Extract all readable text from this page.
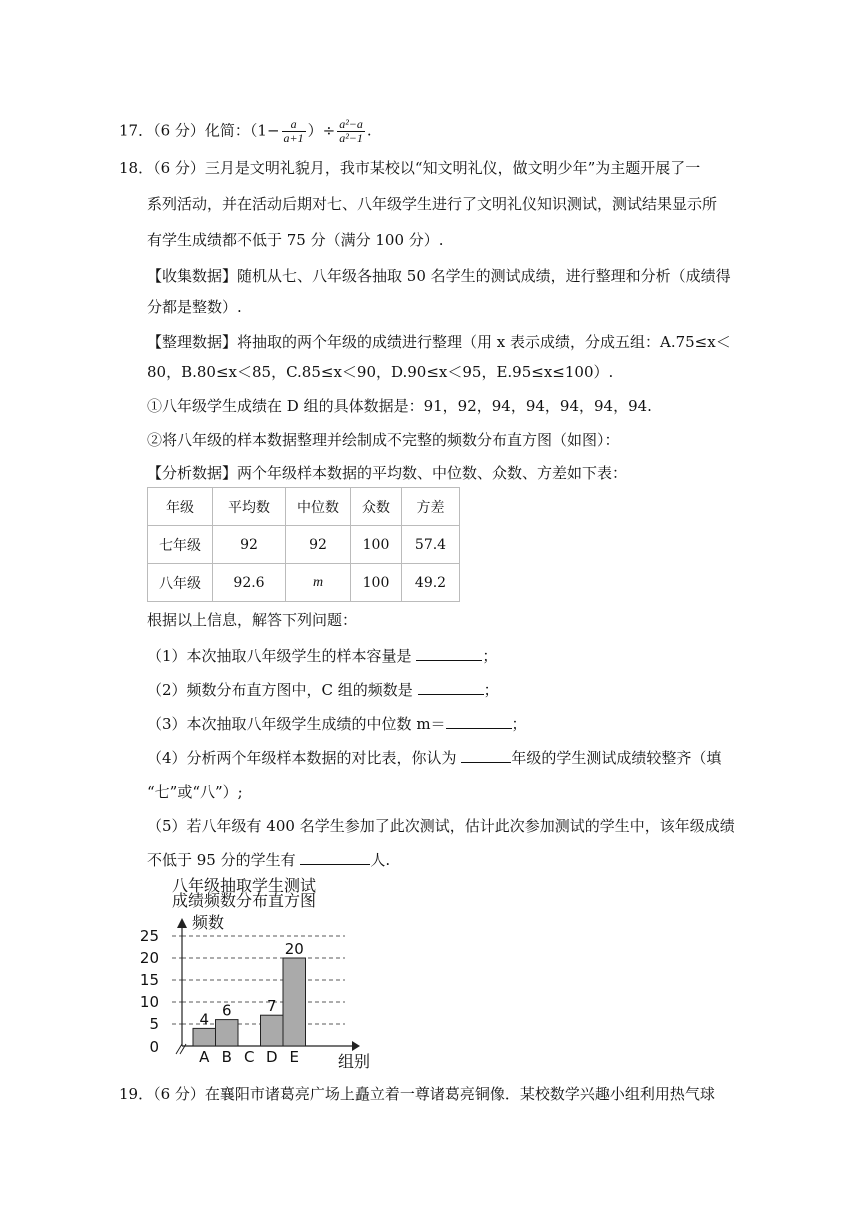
17．（6 分）化简：（$1- \frac{a}{a+1}$ ）÷ $\frac{\text{a²−a}}{\text{a²−1}}$ .
18．（6 分）三月是文明礼貌月，我市某校以“知文明礼仪，做文明少年”为主题开展了一
系列活动，并在活动后期对七、八年级学生进行了文明礼仪知识测试，测试结果显示所
有学生成绩都不低于 75 分（满分 100 分）.
【收集数据】随机从七、八年级各抽取 50 名学生的测试成绩，进行整理和分析（成绩得
分都是整数）.
【整理数据】将抽取的两个年级的成绩进行整理（用 x 表示成绩，分成五组：A.75≤x＜
80，B.80≤x＜85，C.85≤x＜90，D.90≤x＜95，E.95≤x≤100）.
①八年级学生成绩在 D 组的具体数据是：91，92，94，94，94，94，94.
②将八年级的样本数据整理并绘制成不完整的频数分布直方图（如图）：
【分析数据】两个年级样本数据的平均数、中位数、众数、方差如下表：
年级	平均数	中位数	众数	方差
七年级	92	92	100	57.4
八年级	92.6	m	100	49.2
根据以上信息，解答下列问题：
（1）本次抽取八年级学生的样本容量是	；
（2）频数分布直方图中，C 组的频数是	；
（3）本次抽取八年级学生成绩的中位数 m＝	；
（4）分析两个年级样本数据的对比表，你认为	年级的学生测试成绩较整齐（填
“七”或“八”）;
（5）若八年级有 400 名学生参加了此次测试，估计此次参加测试的学生中，该年级成绩
不低于 95 分的学生有	人.
八年级抽取学生测试
成绩频数分布直方图
0
5
10
15
20
25
频数
组别
4
A
6
B C
7
D
20
E
19．（6 分）在襄阳市诸葛亮广场上矗立着一尊诸葛亮铜像．某校数学兴趣小组利用热气球
